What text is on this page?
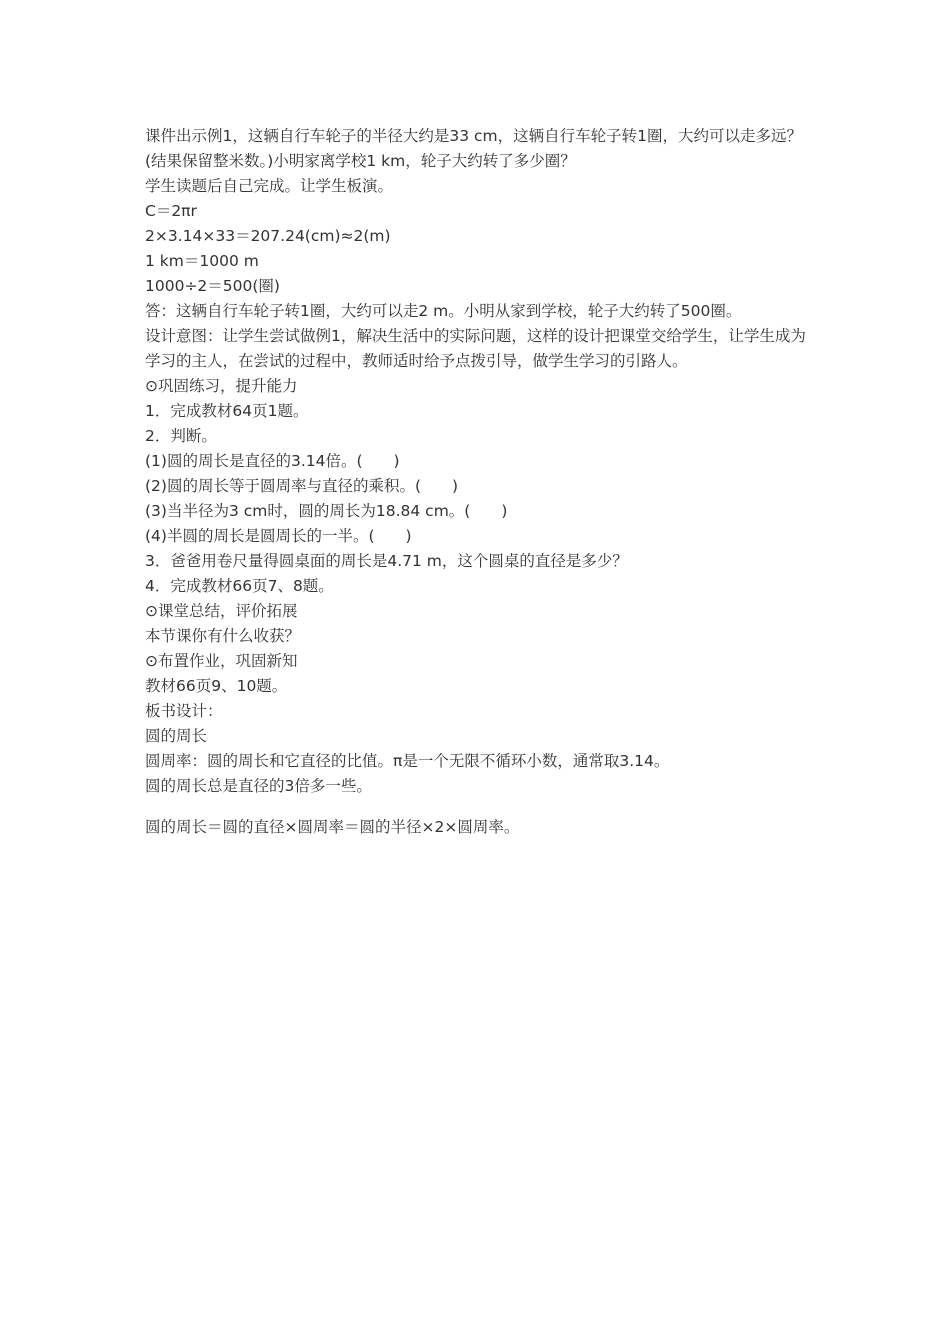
课件出示例1，这辆自行车轮子的半径大约是33 cm，这辆自行车轮子转1圈，大约可以走多远？(结果保留整米数。)小明家离学校1 km，轮子大约转了多少圈？

学生读题后自己完成。让学生板演。

C＝2πr

2×3.14×33＝207.24(cm)≈2(m)

1 km＝1000 m

1000÷2＝500(圈)

答：这辆自行车轮子转1圈，大约可以走2 m。小明从家到学校，轮子大约转了500圈。

设计意图：让学生尝试做例1，解决生活中的实际问题，这样的设计把课堂交给学生，让学生成为学习的主人，在尝试的过程中，教师适时给予点拨引导，做学生学习的引路人。

⊙巩固练习，提升能力

1．完成教材64页1题。

2．判断。

(1)圆的周长是直径的3.14倍。(　　)

(2)圆的周长等于圆周率与直径的乘积。(　　)

(3)当半径为3 cm时，圆的周长为18.84 cm。(　　)

(4)半圆的周长是圆周长的一半。(　　)

3．爸爸用卷尺量得圆桌面的周长是4.71 m，这个圆桌的直径是多少？

4．完成教材66页7、8题。

⊙课堂总结，评价拓展

本节课你有什么收获？

⊙布置作业，巩固新知

教材66页9、10题。

板书设计：

圆的周长

圆周率：圆的周长和它直径的比值。π是一个无限不循环小数，通常取3.14。

圆的周长总是直径的3倍多一些。

圆的周长＝圆的直径×圆周率＝圆的半径×2×圆周率。
